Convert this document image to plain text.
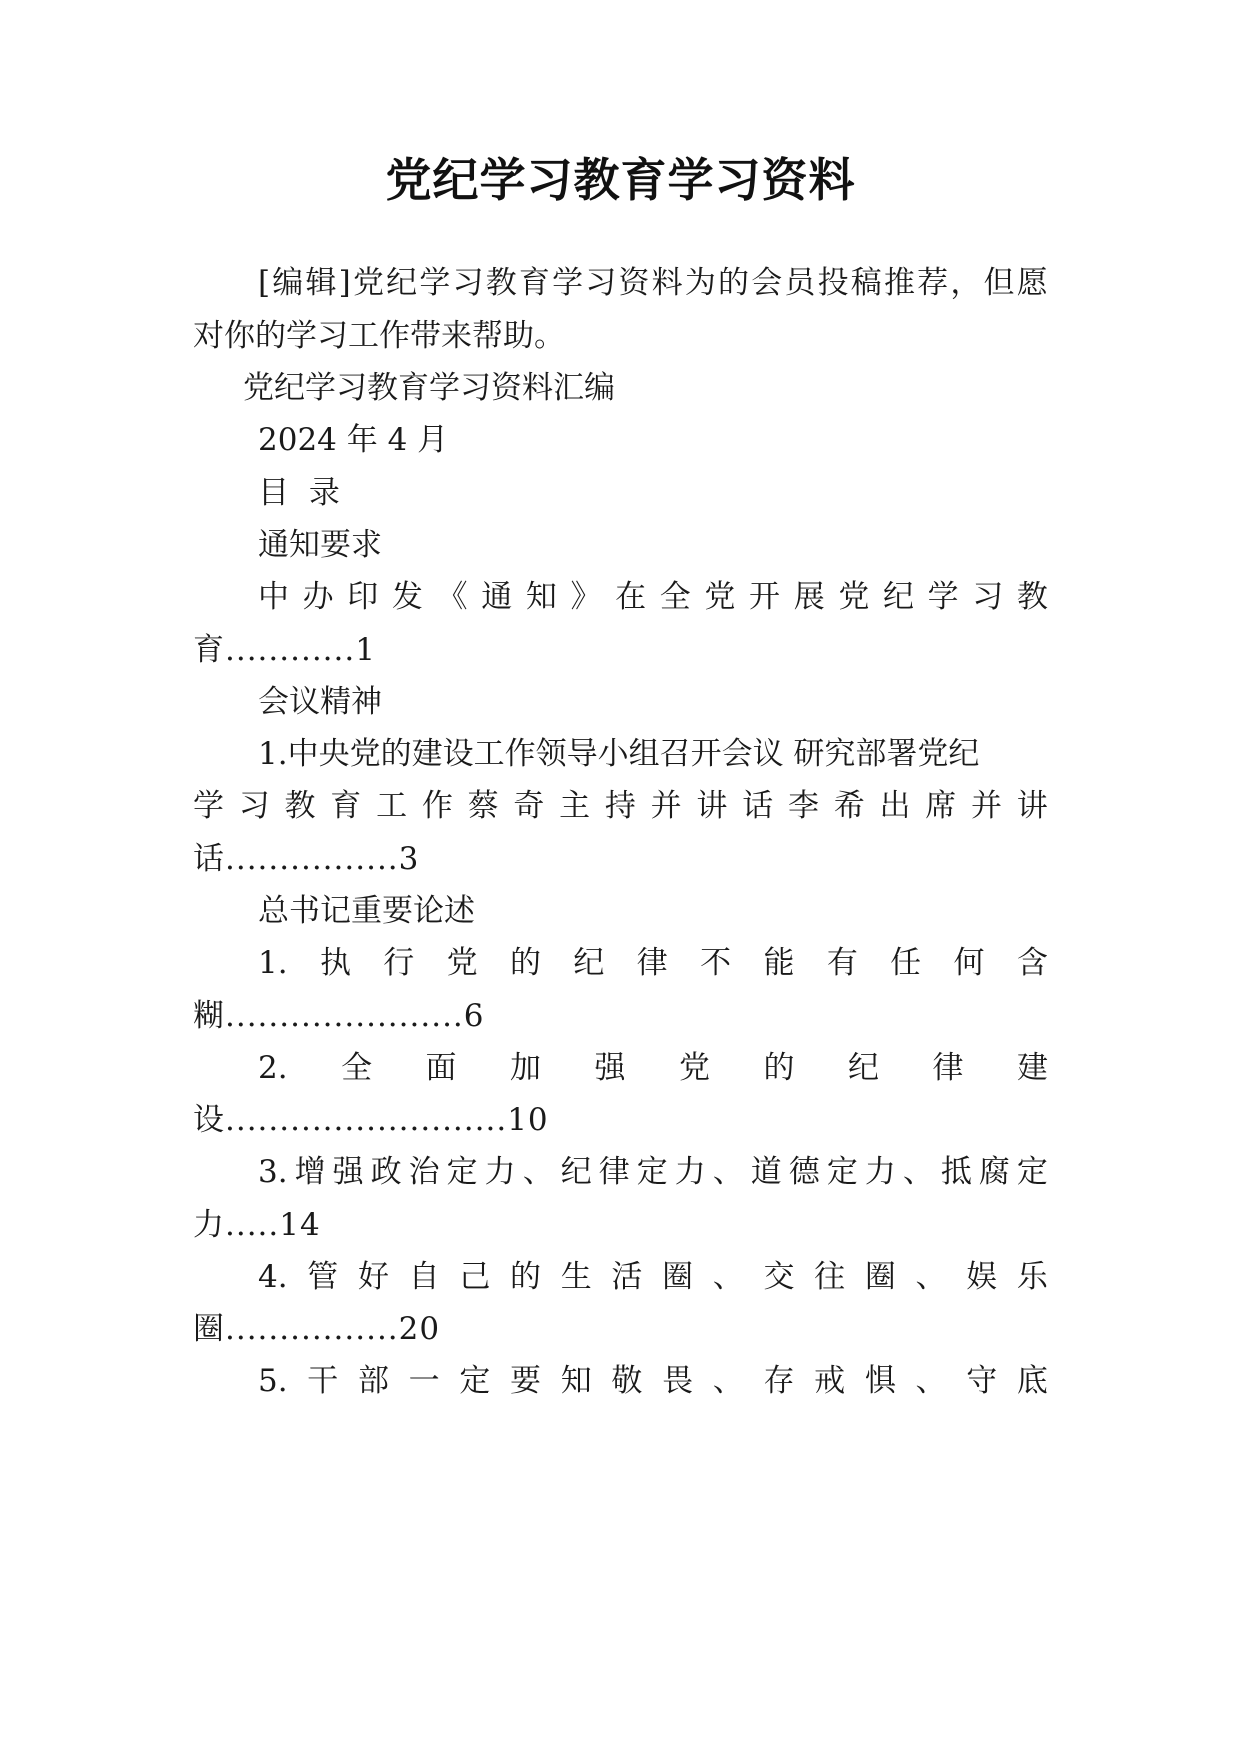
党纪学习教育学习资料
[ 编 辑 ] 党 纪 学 习 教 育 学 习 资 料 为 的 会 员 投 稿 推 荐 ， 但 愿
对你的学习工作带来帮助。
党纪学习教育学习资料汇编
2024 年 4 月
目 录
通知要求
中 办 印 发 《 通 知 》 在 全 党 开 展 党 纪 学 习 教
育............1
会议精神
1.中央党的建设工作领导小组召开会议 研究部署党纪
学 习 教 育 工 作 蔡 奇 主 持 并 讲 话 李 希 出 席 并 讲
话................3
总书记重要论述
1. 执 行 党 的 纪 律 不 能 有 任 何 含
糊......................6
2. 全 面 加 强 党 的 纪 律 建
设..........................10
3. 增 强 政 治 定 力 、 纪 律 定 力 、 道 德 定 力 、 抵 腐 定
力.....14
4. 管 好 自 己 的 生 活 圈 、 交 往 圈 、 娱 乐
圈................20
5. 干 部 一 定 要 知 敬 畏 、 存 戒 惧 、 守 底
